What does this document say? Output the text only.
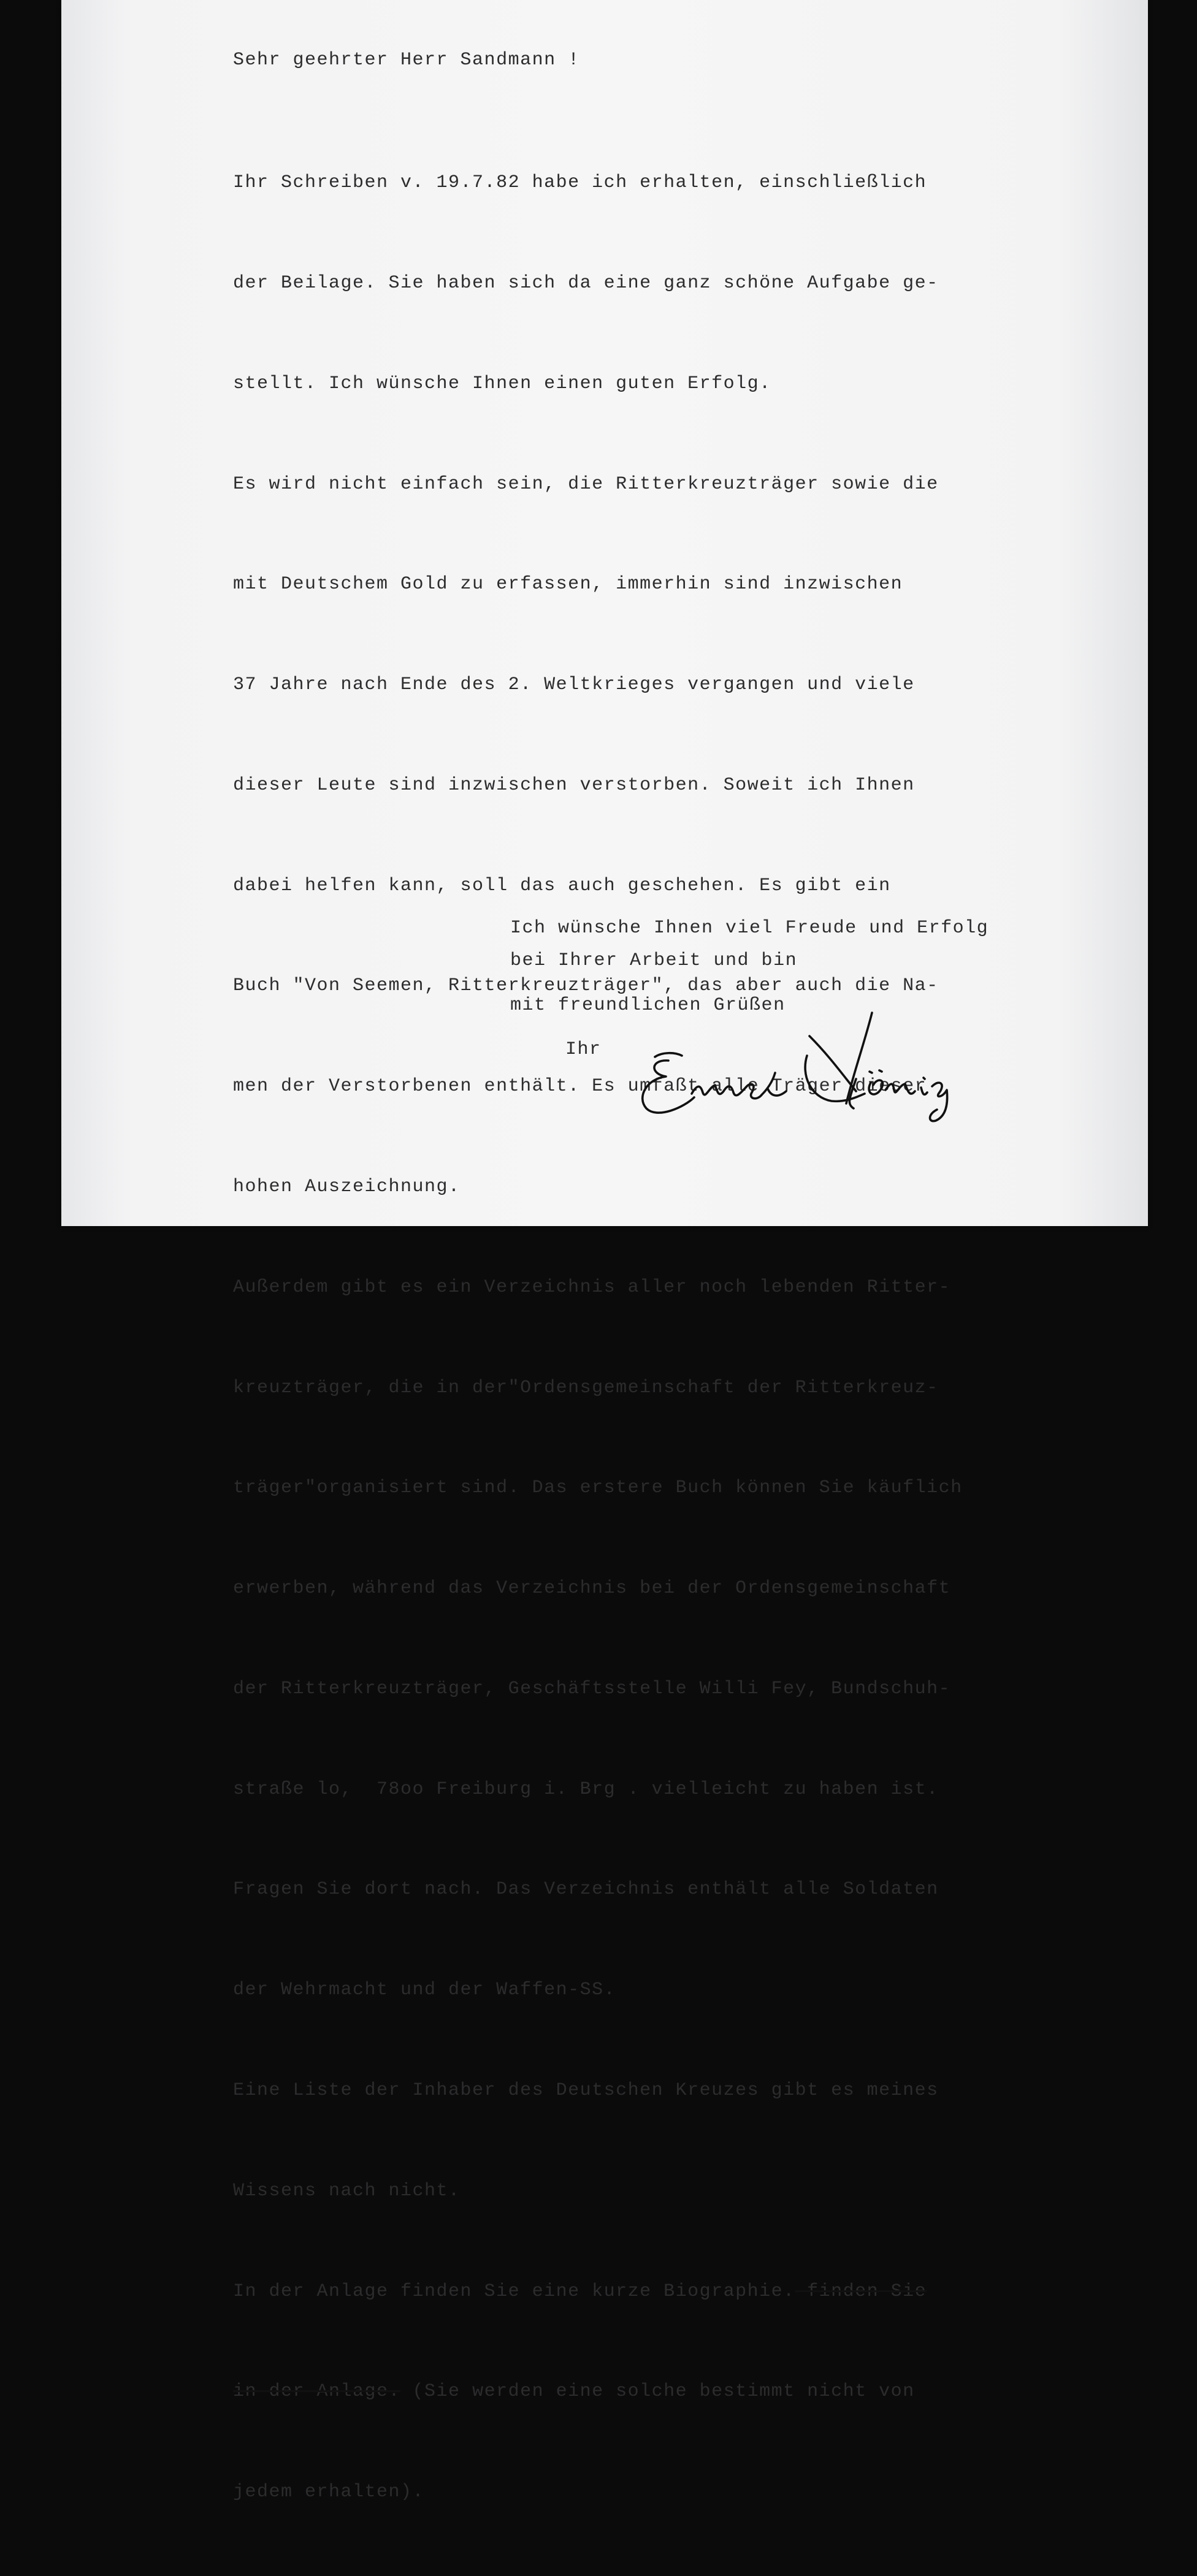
Sehr geehrter Herr Sandmann !

Ihr Schreiben v. 19.7.82 habe ich erhalten, einschließlich

der Beilage. Sie haben sich da eine ganz schöne Aufgabe ge-

stellt. Ich wünsche Ihnen einen guten Erfolg.

Es wird nicht einfach sein, die Ritterkreuzträger sowie die

mit Deutschem Gold zu erfassen, immerhin sind inzwischen

37 Jahre nach Ende des 2. Weltkrieges vergangen und viele

dieser Leute sind inzwischen verstorben. Soweit ich Ihnen

dabei helfen kann, soll das auch geschehen. Es gibt ein

Buch "Von Seemen, Ritterkreuzträger", das aber auch die Na-

men der Verstorbenen enthält. Es umfaßt alle Träger dieser

hohen Auszeichnung.

Außerdem gibt es ein Verzeichnis aller noch lebenden Ritter-

kreuzträger, die in der"Ordensgemeinschaft der Ritterkreuz-

träger"organisiert sind. Das erstere Buch können Sie käuflich

erwerben, während das Verzeichnis bei der Ordensgemeinschaft

der Ritterkreuzträger, Geschäftsstelle Willi Fey, Bundschuh-

straße lo,  78oo Freiburg i. Brg . vielleicht zu haben ist.

Fragen Sie dort nach. Das Verzeichnis enthält alle Soldaten

der Wehrmacht und der Waffen-SS.

Eine Liste der Inhaber des Deutschen Kreuzes gibt es meines

Wissens nach nicht.

In der Anlage finden Sie eine kurze Biographie. finden Sie

in der Anlage. (Sie werden eine solche bestimmt nicht von

jedem erhalten).

Ich wünsche Ihnen viel Freude und Erfolg

bei Ihrer Arbeit und bin

mit freundlichen Grüßen

Ihr
